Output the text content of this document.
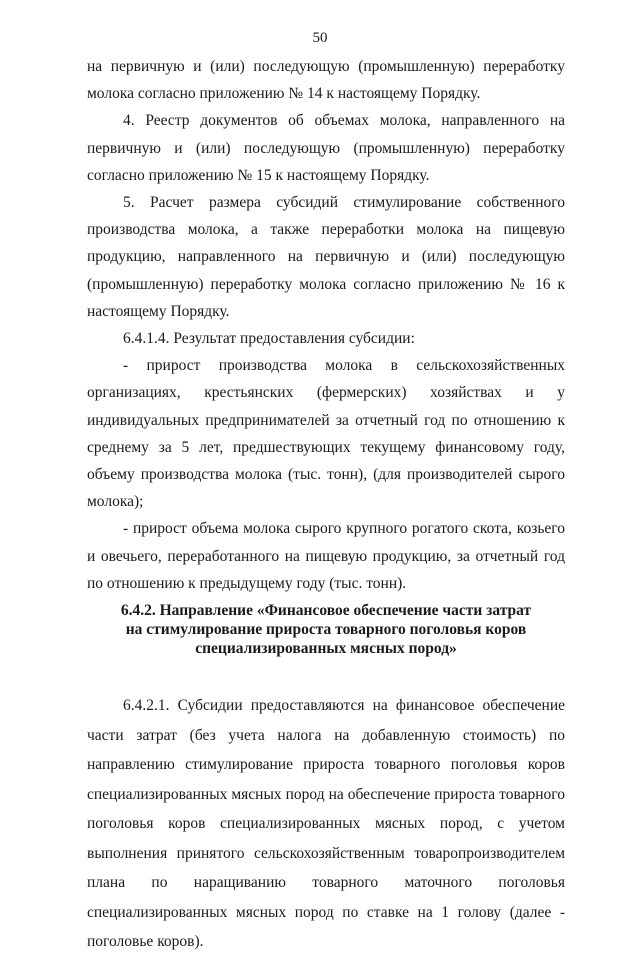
50

на первичную и (или) последующую (промышленную) переработку молока согласно приложению № 14 к настоящему Порядку.

4. Реестр документов об объемах молока, направленного на первичную и (или) последующую (промышленную) переработку согласно приложению № 15 к настоящему Порядку.

5. Расчет размера субсидий стимулирование собственного производства молока, а также переработки молока на пищевую продукцию, направленного на первичную и (или) последующую (промышленную) переработку молока согласно приложению № 16 к настоящему Порядку.

6.4.1.4. Результат предоставления субсидии:

- прирост производства молока в сельскохозяйственных организациях, крестьянских (фермерских) хозяйствах и у индивидуальных предпринимателей за отчетный год по отношению к среднему за 5 лет, предшествующих текущему финансовому году, объему производства молока (тыс. тонн), (для производителей сырого молока);

- прирост объема молока сырого крупного рогатого скота, козьего и овечьего, переработанного на пищевую продукцию, за отчетный год по отношению к предыдущему году (тыс. тонн).

6.4.2. Направление «Финансовое обеспечение части затрат
на стимулирование прироста товарного поголовья коров
специализированных мясных пород»

6.4.2.1. Субсидии предоставляются на финансовое обеспечение части затрат (без учета налога на добавленную стоимость) по направлению стимулирование прироста товарного поголовья коров специализированных мясных пород на обеспечение прироста товарного поголовья коров специализированных мясных пород, с учетом выполнения принятого сельскохозяйственным товаропроизводителем плана по наращиванию товарного маточного поголовья специализированных мясных пород по ставке на 1 голову (далее - поголовье коров).
